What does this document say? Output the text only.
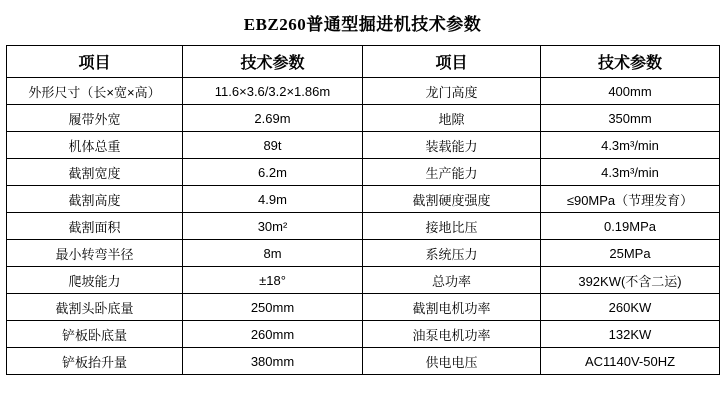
EBZ260普通型掘进机技术参数
项目	技术参数	项目	技术参数
外形尺寸（长×宽×高）	11.6×3.6/3.2×1.86m	龙门高度	400mm
履带外宽	2.69m	地隙	350mm
机体总重	89t	装载能力	4.3m³/min
截割宽度	6.2m	生产能力	4.3m³/min
截割高度	4.9m	截割硬度强度	≤90MPa（节理发育）
截割面积	30m²	接地比压	0.19MPa
最小转弯半径	8m	系统压力	25MPa
爬坡能力	±18°	总功率	392KW(不含二运)
截割头卧底量	250mm	截割电机功率	260KW
铲板卧底量	260mm	油泵电机功率	132KW
铲板抬升量	380mm	供电电压	AC1140V-50HZ
